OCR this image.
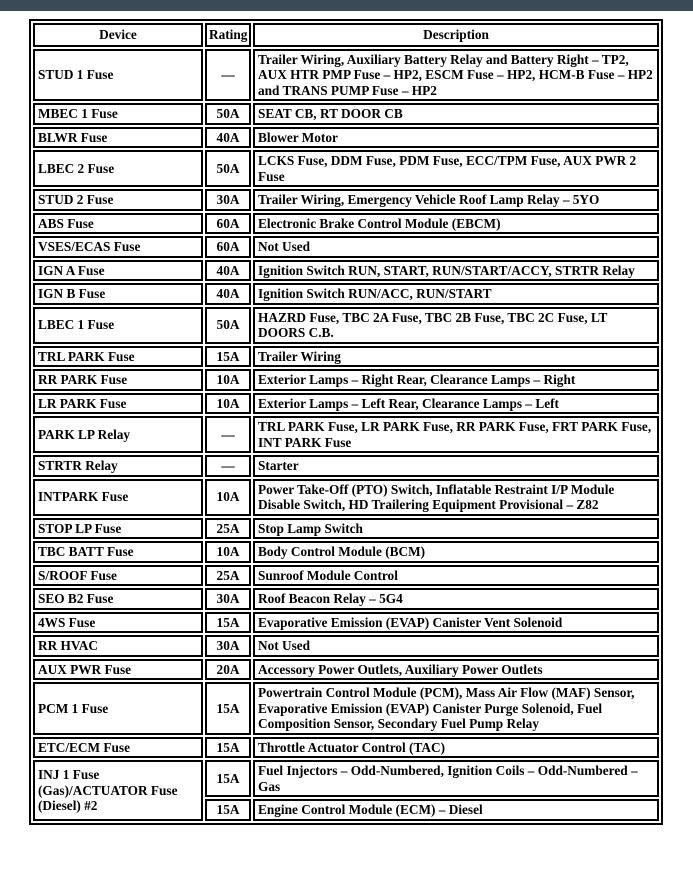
Device	Rating	Description
STUD 1 Fuse	—	Trailer Wiring, Auxiliary Battery Relay and Battery Right – TP2, AUX HTR PMP Fuse – HP2, ESCM Fuse – HP2, HCM-B Fuse – HP2 and TRANS PUMP Fuse – HP2
MBEC 1 Fuse	50A	SEAT CB, RT DOOR CB
BLWR Fuse	40A	Blower Motor
LBEC 2 Fuse	50A	LCKS Fuse, DDM Fuse, PDM Fuse, ECC/TPM Fuse, AUX PWR 2 Fuse
STUD 2 Fuse	30A	Trailer Wiring, Emergency Vehicle Roof Lamp Relay – 5YO
ABS Fuse	60A	Electronic Brake Control Module (EBCM)
VSES/ECAS Fuse	60A	Not Used
IGN A Fuse	40A	Ignition Switch RUN, START, RUN/START/ACCY, STRTR Relay
IGN B Fuse	40A	Ignition Switch RUN/ACC, RUN/START
LBEC 1 Fuse	50A	HAZRD Fuse, TBC 2A Fuse, TBC 2B Fuse, TBC 2C Fuse, LT DOORS C.B.
TRL PARK Fuse	15A	Trailer Wiring
RR PARK Fuse	10A	Exterior Lamps – Right Rear, Clearance Lamps – Right
LR PARK Fuse	10A	Exterior Lamps – Left Rear, Clearance Lamps – Left
PARK LP Relay	—	TRL PARK Fuse, LR PARK Fuse, RR PARK Fuse, FRT PARK Fuse, INT PARK Fuse
STRTR Relay	—	Starter
INTPARK Fuse	10A	Power Take-Off (PTO) Switch, Inflatable Restraint I/P Module Disable Switch, HD Trailering Equipment Provisional – Z82
STOP LP Fuse	25A	Stop Lamp Switch
TBC BATT Fuse	10A	Body Control Module (BCM)
S/ROOF Fuse	25A	Sunroof Module Control
SEO B2 Fuse	30A	Roof Beacon Relay – 5G4
4WS Fuse	15A	Evaporative Emission (EVAP) Canister Vent Solenoid
RR HVAC	30A	Not Used
AUX PWR Fuse	20A	Accessory Power Outlets, Auxiliary Power Outlets
PCM 1 Fuse	15A	Powertrain Control Module (PCM), Mass Air Flow (MAF) Sensor, Evaporative Emission (EVAP) Canister Purge Solenoid, Fuel Composition Sensor, Secondary Fuel Pump Relay
ETC/ECM Fuse	15A	Throttle Actuator Control (TAC)
INJ 1 Fuse (Gas)/ACTUATOR Fuse (Diesel) #2	15A	Fuel Injectors – Odd-Numbered, Ignition Coils – Odd-Numbered – Gas
	15A	Engine Control Module (ECM) – Diesel
